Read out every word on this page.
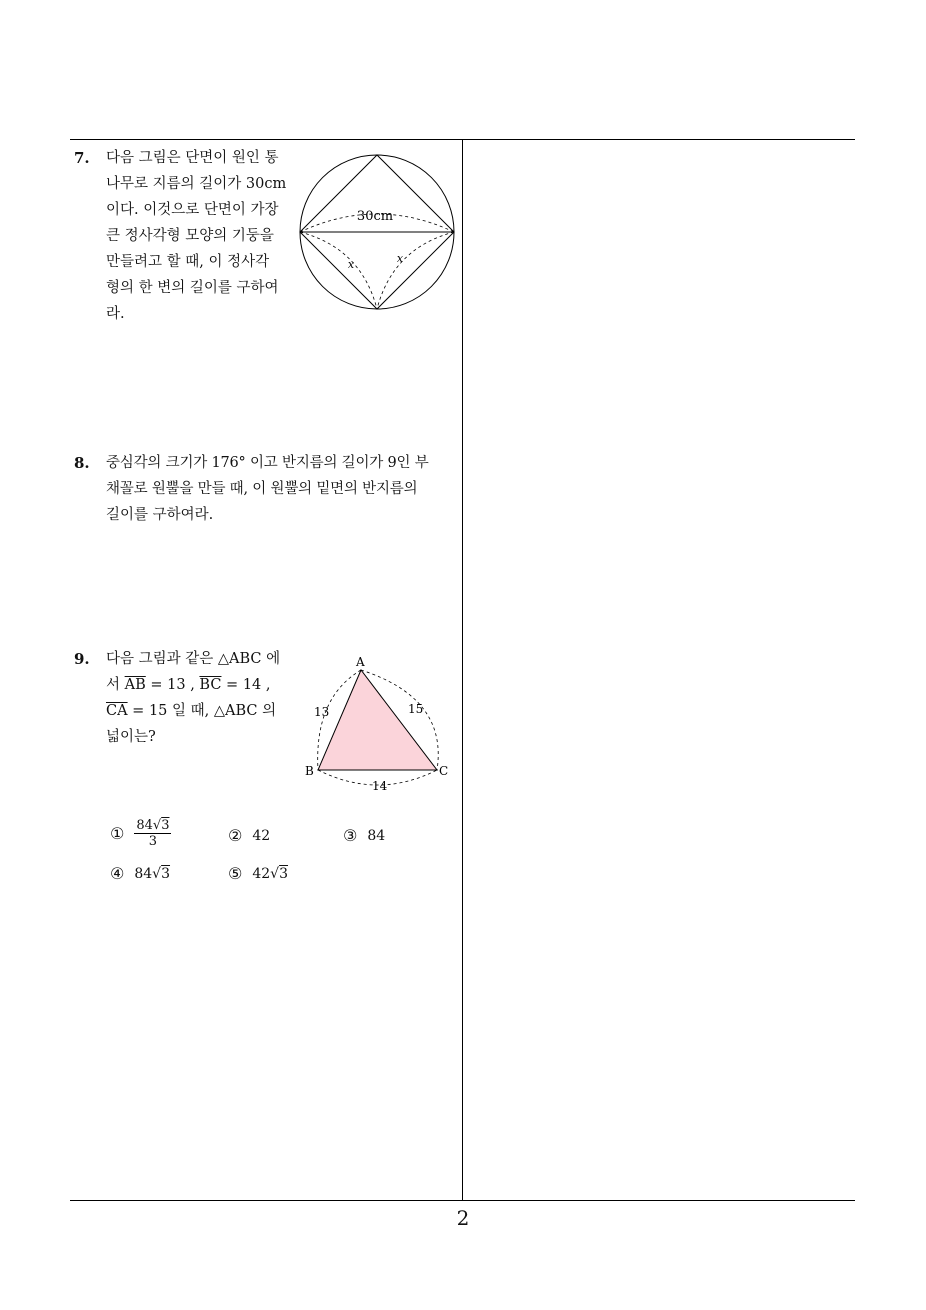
7. 다음 그림은 단면이 원인 통
나무로 지름의 길이가 30cm
이다. 이것으로 단면이 가장
큰 정사각형 모양의 기둥을
만들려고 할 때, 이 정사각
형의 한 변의 길이를 구하여
라.
30cm
x	x
8. 중심각의 크기가 176° 이고 반지름의 길이가 9인 부
채꼴로 원뿔을 만들 때, 이 원뿔의 밑면의 반지름의
길이를 구하여라.
9. 다음 그림과 같은 △ABC 에
서 $\overline{AB} = 13$ , $\overline{BC} = 14$ ,
$\overline{CA} = 15$ 일 때, △ABC 의
넓이는?
A
B	C
13	15
14
① $\frac{84√3}{3}$	② 42	③ 84
④ 84√3	⑤ 42√3
2
